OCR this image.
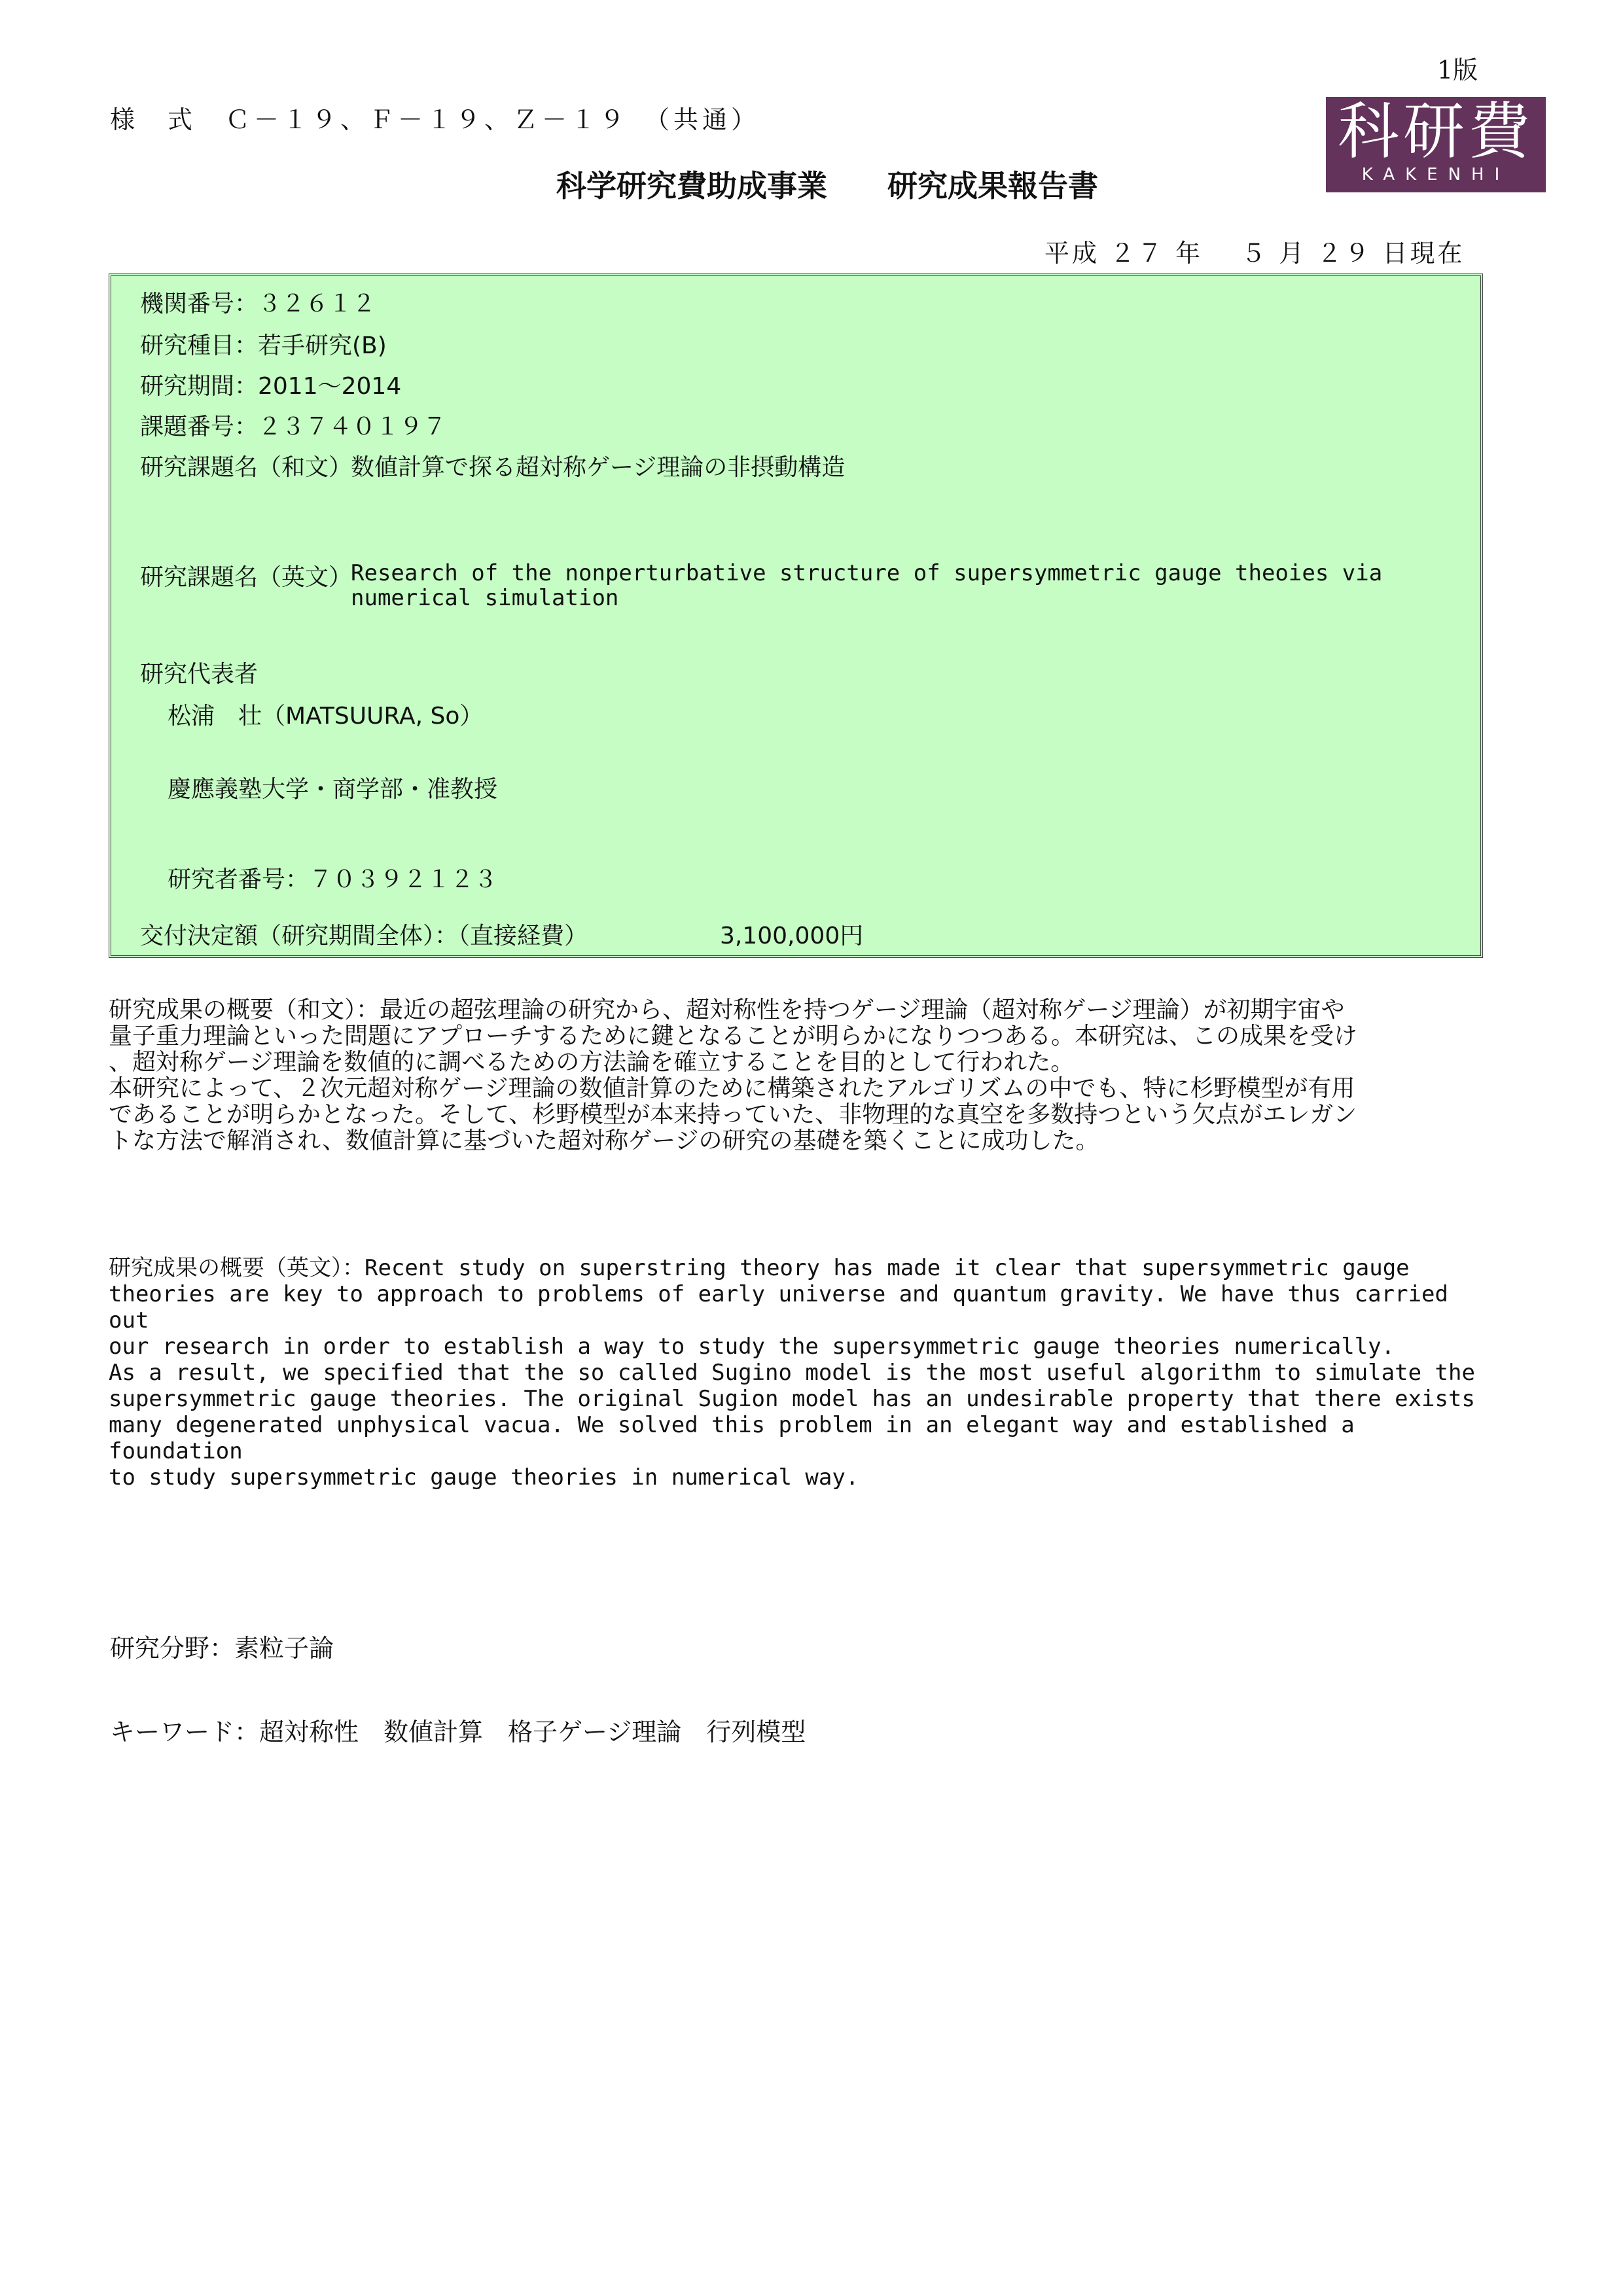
1版
様　式　Ｃ－１９、Ｆ－１９、Ｚ－１９　（共通）
科学研究費助成事業　　研究成果報告書
科研費
KAKENHI
平成 ２７ 年　 ５ 月 ２９ 日現在
機関番号：３２６１２
研究種目：若手研究(B)
研究期間：2011～2014
課題番号：２３７４０１９７
研究課題名（和文）
数値計算で探る超対称ゲージ理論の非摂動構造
研究課題名（英文）
Research of the nonperturbative structure of supersymmetric gauge theoies via
numerical simulation
研究代表者
松浦　壮（MATSUURA, So）
慶應義塾大学・商学部・准教授
研究者番号：７０３９２１２３
交付決定額（研究期間全体）：（直接経費）	3,100,000円
研究成果の概要（和文）：最近の超弦理論の研究から、超対称性を持つゲージ理論（超対称ゲージ理論）が初期宇宙や
量子重力理論といった問題にアプローチするために鍵となることが明らかになりつつある。本研究は、この成果を受け
、超対称ゲージ理論を数値的に調べるための方法論を確立することを目的として行われた。
本研究によって、２次元超対称ゲージ理論の数値計算のために構築されたアルゴリズムの中でも、特に杉野模型が有用
であることが明らかとなった。そして、杉野模型が本来持っていた、非物理的な真空を多数持つという欠点がエレガン
トな方法で解消され、数値計算に基づいた超対称ゲージの研究の基礎を築くことに成功した。
研究成果の概要（英文）：Recent study on superstring theory has made it clear that supersymmetric gauge
theories are key to approach to problems of early universe and quantum gravity. We have thus carried out
our research in order to establish a way to study the supersymmetric gauge theories numerically.
As a result, we specified that the so called Sugino model is the most useful algorithm to simulate the
supersymmetric gauge theories. The original Sugion model has an undesirable property that there exists
many degenerated unphysical vacua. We solved this problem in an elegant way and established a foundation
to study supersymmetric gauge theories in numerical way.
研究分野：素粒子論
キーワード：超対称性　数値計算　格子ゲージ理論　行列模型
